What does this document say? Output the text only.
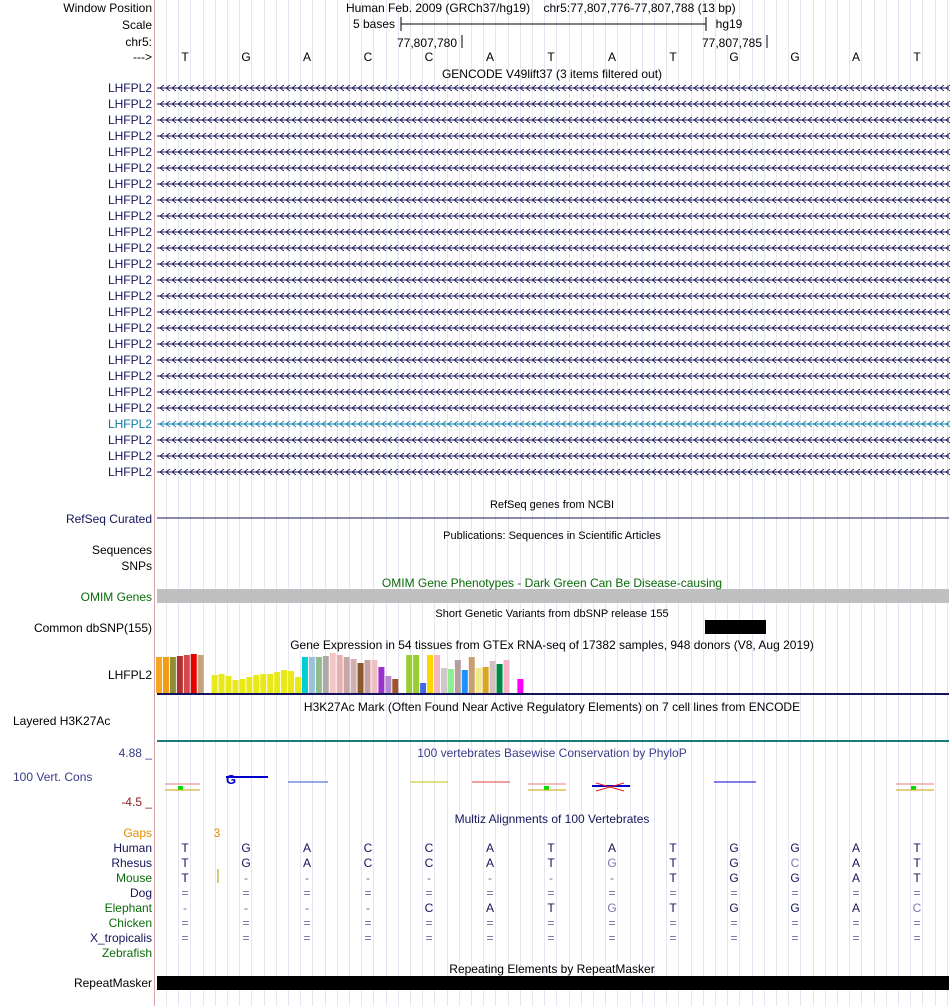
Window Position
Scale
chr5:
--->
Human Feb. 2009 (GRCh37/hg19) chr5:77,807,776-77,807,788 (13 bp)
5 bases	hg19
77,807,780	77,807,785
G
T	G	A	C	C	A	T	A	T	G	G	A	T
GENCODE V49lift37 (3 items filtered out)
LHFPL2
LHFPL2
LHFPL2
LHFPL2
LHFPL2
LHFPL2
LHFPL2
LHFPL2
LHFPL2
LHFPL2
LHFPL2
LHFPL2
LHFPL2
LHFPL2
LHFPL2
LHFPL2
LHFPL2
LHFPL2
LHFPL2
LHFPL2
LHFPL2
LHFPL2
LHFPL2
LHFPL2
LHFPL2
RefSeq genes from NCBI
RefSeq Curated
Publications: Sequences in Scientific Articles
Sequences
SNPs
OMIM Gene Phenotypes - Dark Green Can Be Disease-causing
OMIM Genes
Short Genetic Variants from dbSNP release 155
Common dbSNP(155)
Gene Expression in 54 tissues from GTEx RNA-seq of 17382 samples, 948 donors (V8, Aug 2019)
LHFPL2
H3K27Ac Mark (Often Found Near Active Regulatory Elements) on 7 cell lines from ENCODE
Layered H3K27Ac
100 vertebrates Basewise Conservation by PhyloP
4.88 _
100 Vert. Cons
-4.5 _
Multiz Alignments of 100 Vertebrates
Gaps	3
Human T	G	A	C	C	A	T	A	T	G	G	A	T
Rhesus T	G	A	C	C	A	T	G	T	G	C	A	T
Mouse T	-	-	-	-	-	-	-	T	G	G	A	T
Dog =	=	=	=	=	=	=	=	=	=	=	=	=
Elephant	-	-	-	-	C	A	T	G	T	G	G	A	C
Chicken =	=	=	=	=	=	=	=	=	=	=	=	=
X_tropicalis =	=	=	=	=	=	=	=	=	=	=	=	=
Zebrafish
Repeating Elements by RepeatMasker
RepeatMasker
